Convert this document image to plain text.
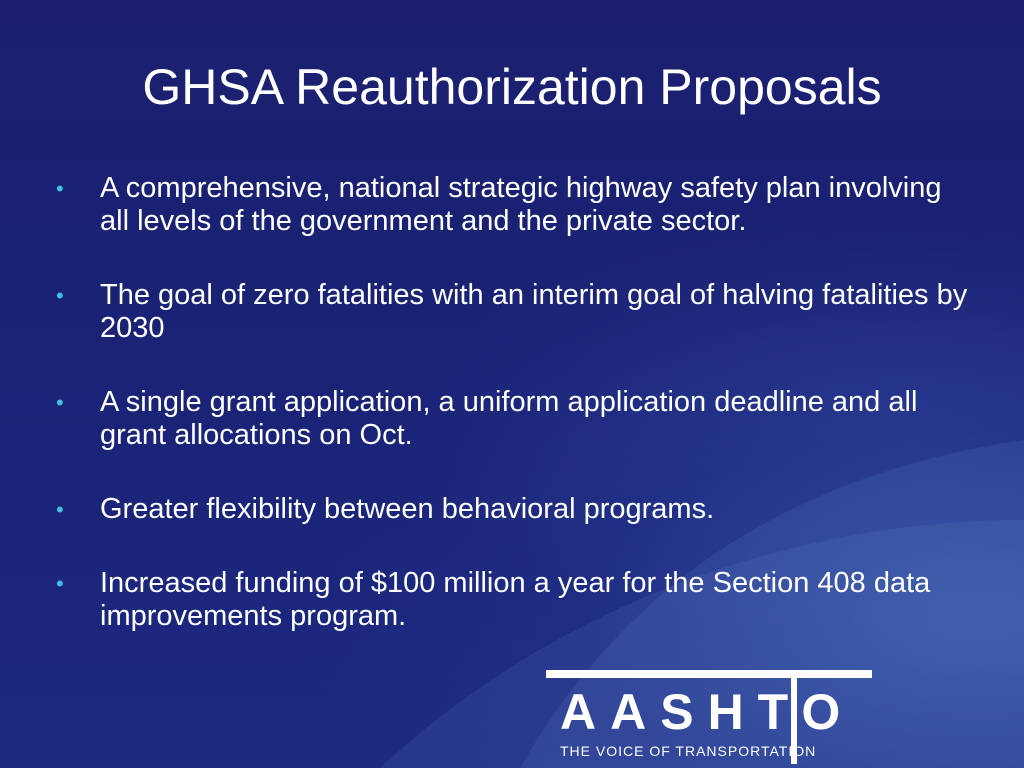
GHSA Reauthorization Proposals
• A comprehensive, national strategic highway safety plan involving all levels of the government and the private sector.
• The goal of zero fatalities with an interim goal of halving fatalities by 2030
• A single grant application, a uniform application deadline and all grant allocations on Oct.
• Greater flexibility between behavioral programs.
• Increased funding of $100 million a year for the Section 408 data improvements program.
AASHTO
THE VOICE OF TRANSPORTATION
